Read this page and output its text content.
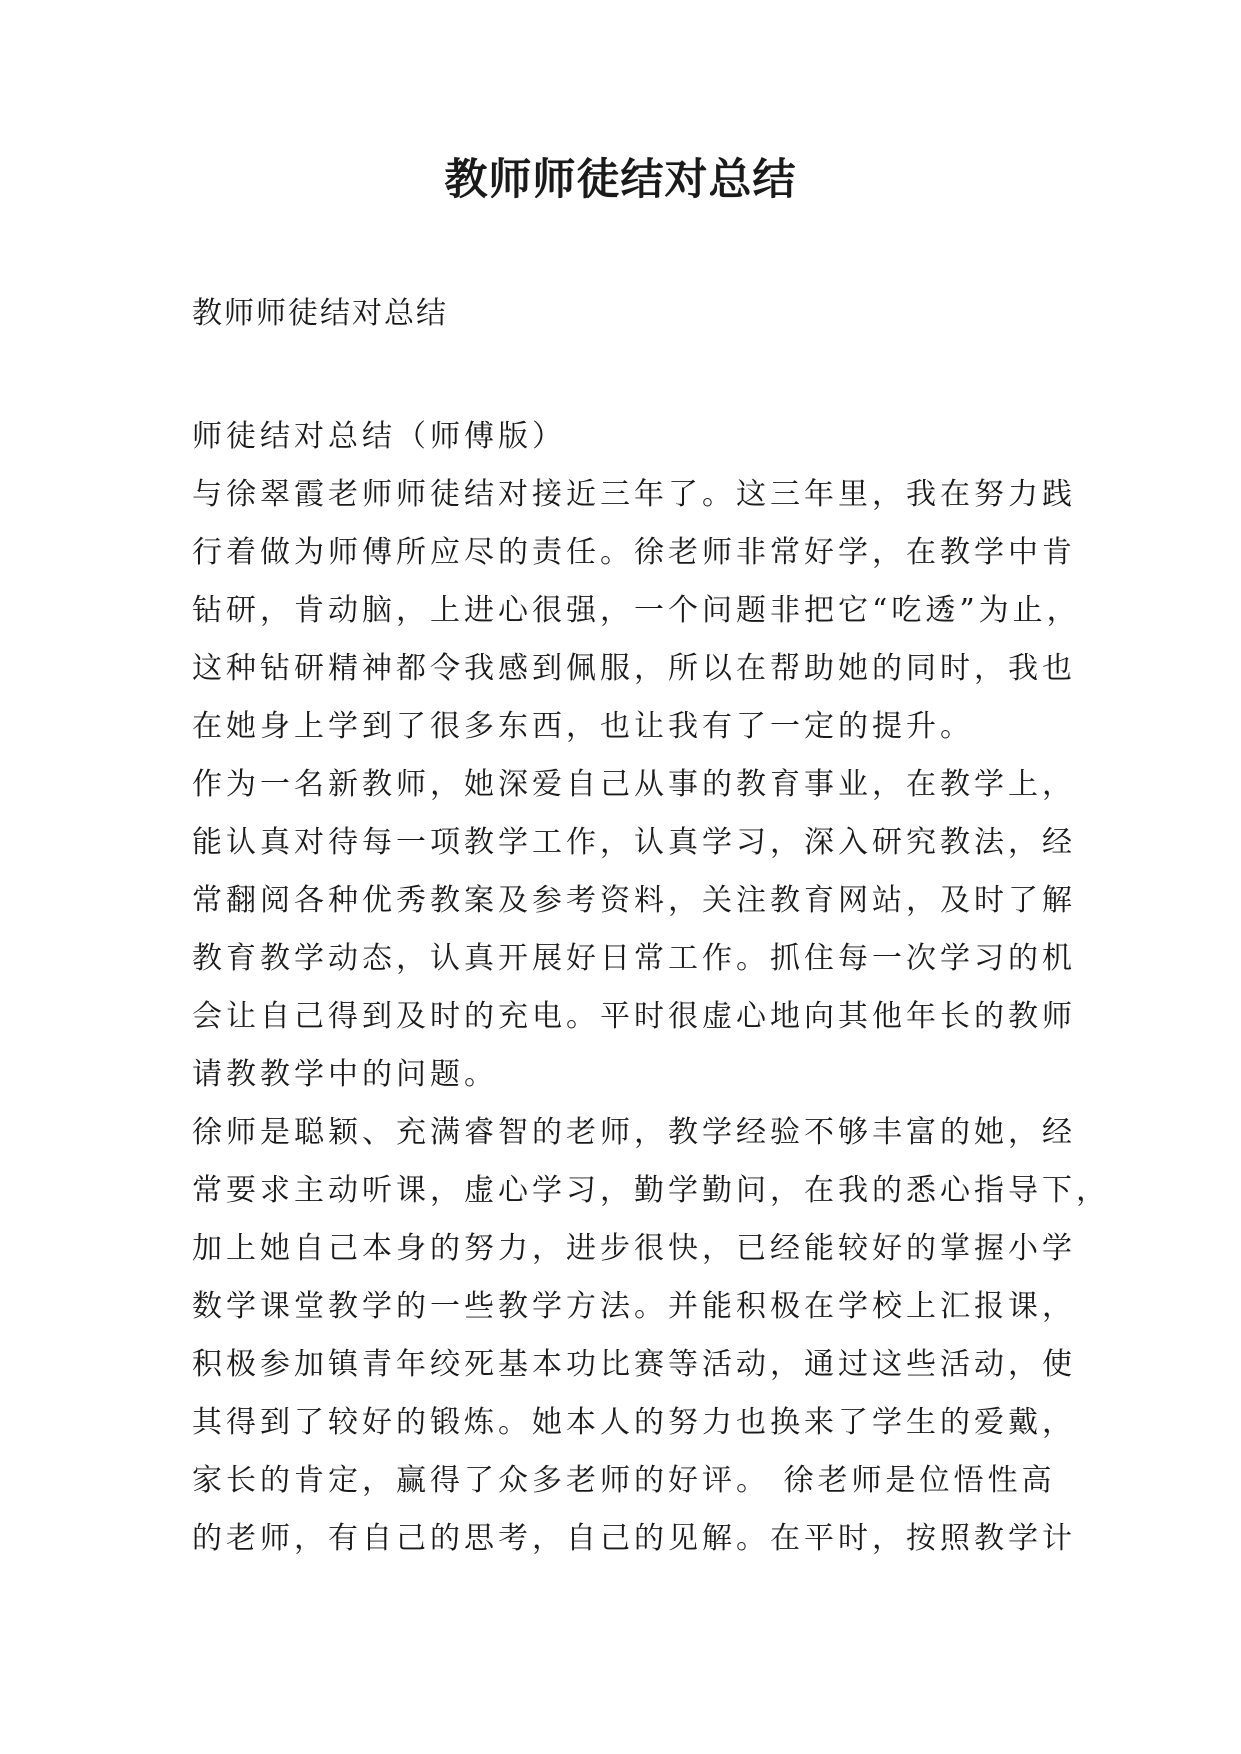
教师师徒结对总结
教师师徒结对总结
师徒结对总结（师傅版）

与徐翠霞老师师徒结对接近三年了。这三年里，我在努力践
行着做为师傅所应尽的责任。徐老师非常好学，在教学中肯
钻研，肯动脑，上进心很强，一个问题非把它“吃透”为止，
这种钻研精神都令我感到佩服，所以在帮助她的同时，我也
在她身上学到了很多东西，也让我有了一定的提升。

作为一名新教师，她深爱自己从事的教育事业，在教学上，
能认真对待每一项教学工作，认真学习，深入研究教法，经
常翻阅各种优秀教案及参考资料，关注教育网站，及时了解
教育教学动态，认真开展好日常工作。抓住每一次学习的机
会让自己得到及时的充电。平时很虚心地向其他年长的教师
请教教学中的问题。

徐师是聪颖、充满睿智的老师，教学经验不够丰富的她，经
常要求主动听课，虚心学习，勤学勤问，在我的悉心指导下，
加上她自己本身的努力，进步很快，已经能较好的掌握小学
数学课堂教学的一些教学方法。并能积极在学校上汇报课，
积极参加镇青年绞死基本功比赛等活动，通过这些活动，使
其得到了较好的锻炼。她本人的努力也换来了学生的爱戴，
家长的肯定，赢得了众多老师的好评。 徐老师是位悟性高
的老师，有自己的思考，自己的见解。在平时，按照教学计
